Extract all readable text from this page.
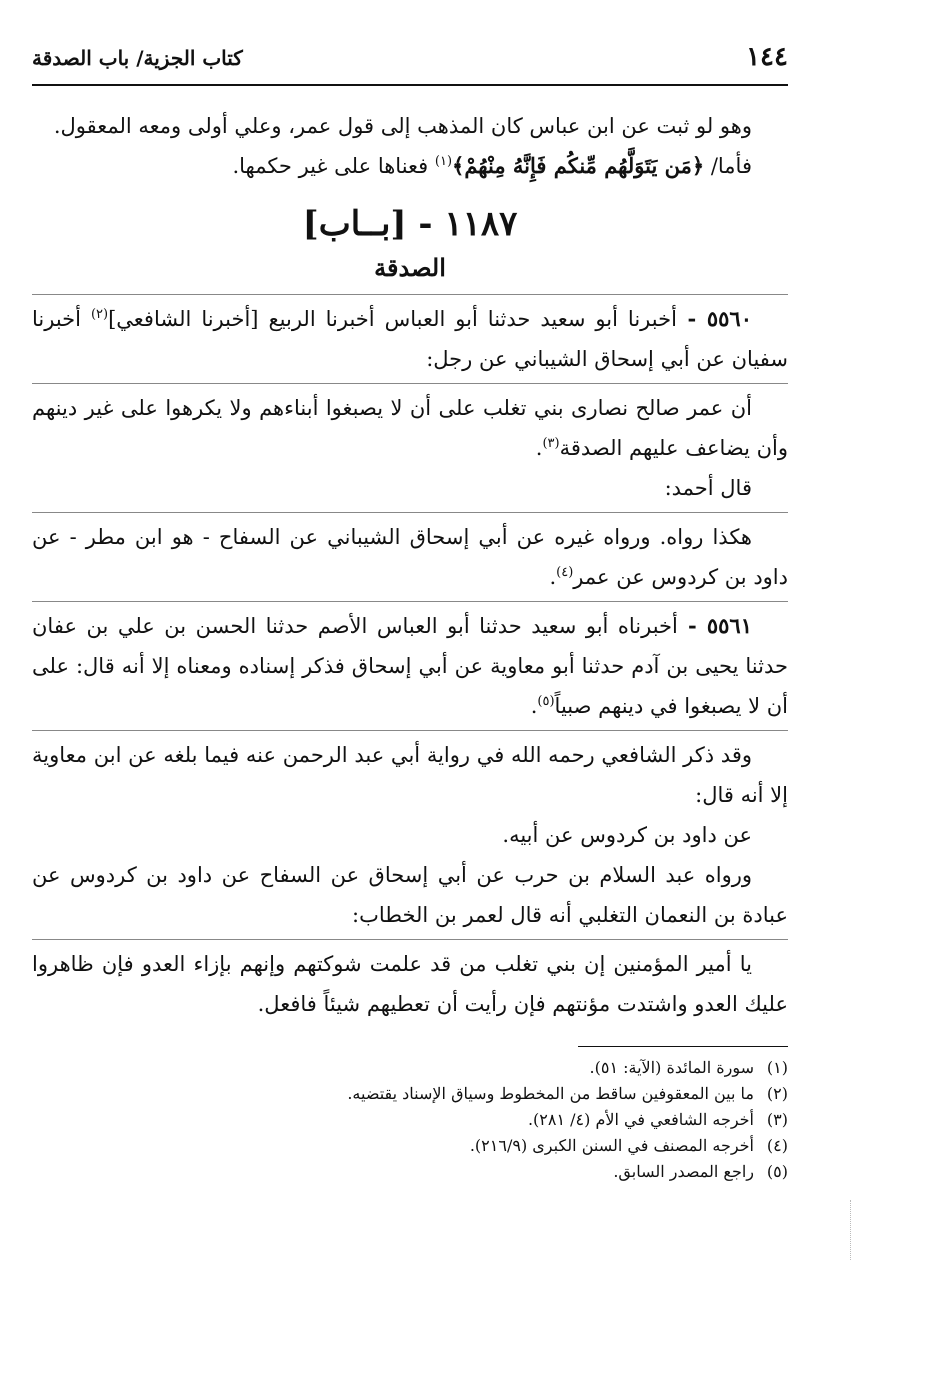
١٤٤
كتاب الجزية/ باب الصدقة

وهو لو ثبت عن ابن عباس كان المذهب إلى قول عمر، وعلي أولى ومعه المعقول.

فأما/ ﴿مَن يَتَوَلَّهُم مِّنكُم فَإِنَّهُ مِنْهُمْ﴾$^{(١)}$ فعناها على غير حكمها.

١١٨٧ - [بــاب]
الصدقة

٥٥٦٠ - أخبرنا أبو سعيد حدثنا أبو العباس أخبرنا الربيع [أخبرنا الشافعي]$^{(٢)}$ أخبرنا سفيان عن أبي إسحاق الشيباني عن رجل:

أن عمر صالح نصارى بني تغلب على أن لا يصبغوا أبناءهم ولا يكرهوا على غير دينهم وأن يضاعف عليهم الصدقة$^{(٣)}$.

قال أحمد:

هكذا رواه. ورواه غيره عن أبي إسحاق الشيباني عن السفاح - هو ابن مطر - عن داود بن كردوس عن عمر$^{(٤)}$.

٥٥٦١ - أخبرناه أبو سعيد حدثنا أبو العباس الأصم حدثنا الحسن بن علي بن عفان حدثنا يحيى بن آدم حدثنا أبو معاوية عن أبي إسحاق فذكر إسناده ومعناه إلا أنه قال: على أن لا يصبغوا في دينهم صبياً$^{(٥)}$.

وقد ذكر الشافعي رحمه الله في رواية أبي عبد الرحمن عنه فيما بلغه عن ابن معاوية إلا أنه قال:

عن داود بن كردوس عن أبيه.

ورواه عبد السلام بن حرب عن أبي إسحاق عن السفاح عن داود بن كردوس عن عبادة بن النعمان التغلبي أنه قال لعمر بن الخطاب:

يا أمير المؤمنين إن بني تغلب من قد علمت شوكتهم وإنهم بإزاء العدو فإن ظاهروا عليك العدو واشتدت مؤنتهم فإن رأيت أن تعطيهم شيئاً فافعل.

(١)
سورة المائدة (الآية: ٥١).
(٢)
ما بين المعقوفين ساقط من المخطوط وسياق الإسناد يقتضيه.
(٣)
أخرجه الشافعي في الأم (٤/ ٢٨١).
(٤)
أخرجه المصنف في السنن الكبرى (٢١٦/٩).
(٥)
راجع المصدر السابق.
